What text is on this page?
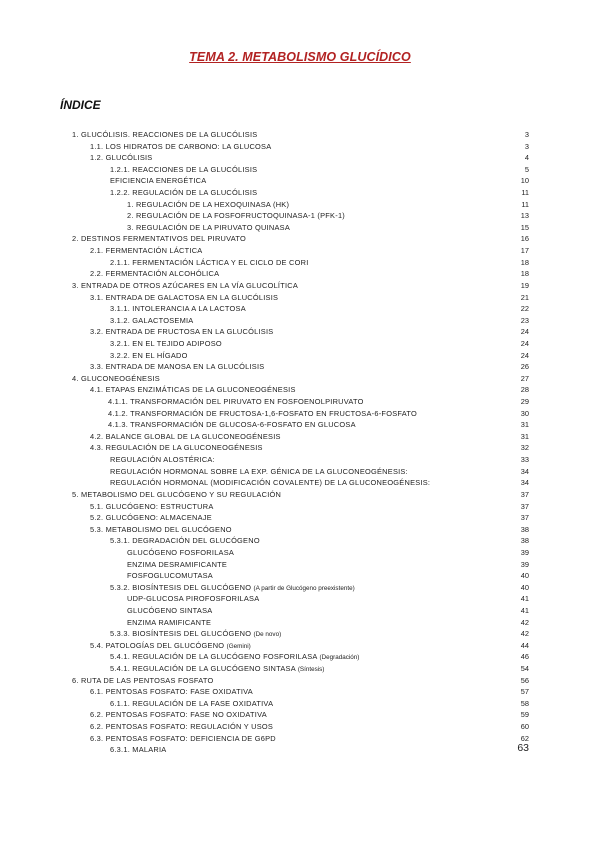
TEMA 2. METABOLISMO GLUCÍDICO
ÍNDICE
1. GLUCÓLISIS. REACCIONES DE LA GLUCÓLISIS	3
1.1. LOS HIDRATOS DE CARBONO: LA GLUCOSA	3
1.2. GLUCÓLISIS	4
1.2.1. REACCIONES DE LA GLUCÓLISIS	5
EFICIENCIA ENERGÉTICA	10
1.2.2. REGULACIÓN DE LA GLUCÓLISIS	11
1. REGULACIÓN DE LA HEXOQUINASA (HK)	11
2. REGULACIÓN DE LA FOSFOFRUCTOQUINASA-1 (PFK-1)	13
3. REGULACIÓN DE LA PIRUVATO QUINASA	15
2. DESTINOS FERMENTATIVOS DEL PIRUVATO	16
2.1. FERMENTACIÓN LÁCTICA	17
2.1.1. FERMENTACIÓN LÁCTICA Y EL CICLO DE CORI	18
2.2. FERMENTACIÓN ALCOHÓLICA	18
3. ENTRADA DE OTROS AZÚCARES EN LA VÍA GLUCOLÍTICA	19
3.1. ENTRADA DE GALACTOSA EN LA GLUCÓLISIS	21
3.1.1. INTOLERANCIA A LA LACTOSA	22
3.1.2. GALACTOSEMIA	23
3.2. ENTRADA DE FRUCTOSA EN LA GLUCÓLISIS	24
3.2.1. EN EL TEJIDO ADIPOSO	24
3.2.2. EN EL HÍGADO	24
3.3. ENTRADA DE MANOSA EN LA GLUCÓLISIS	26
4. GLUCONEOGÉNESIS	27
4.1. ETAPAS ENZIMÁTICAS DE LA GLUCONEOGÉNESIS	28
4.1.1. TRANSFORMACIÓN DEL PIRUVATO EN FOSFOENOLPIRUVATO	29
4.1.2. TRANSFORMACIÓN DE FRUCTOSA-1,6-FOSFATO EN FRUCTOSA-6-FOSFATO	30
4.1.3. TRANSFORMACIÓN DE GLUCOSA-6-FOSFATO EN GLUCOSA	31
4.2. BALANCE GLOBAL DE LA GLUCONEOGÉNESIS	31
4.3. REGULACIÓN DE LA GLUCONEOGÉNESIS	32
REGULACIÓN ALOSTÉRICA:	33
REGULACIÓN HORMONAL SOBRE LA EXP. GÉNICA DE LA GLUCONEOGÉNESIS:	34
REGULACIÓN HORMONAL (MODIFICACIÓN COVALENTE) DE LA GLUCONEOGÉNESIS:	34
5. METABOLISMO DEL GLUCÓGENO Y SU REGULACIÓN	37
5.1. GLUCÓGENO: ESTRUCTURA	37
5.2. GLUCÓGENO: ALMACENAJE	37
5.3. METABOLISMO DEL GLUCÓGENO	38
5.3.1. DEGRADACIÓN DEL GLUCÓGENO	38
GLUCÓGENO FOSFORILASA	39
ENZIMA DESRAMIFICANTE	39
FOSFOGLUCOMUTASA	40
5.3.2. BIOSÍNTESIS DEL GLUCÓGENO (A partir de Glucógeno preexistente)	40
UDP-GLUCOSA PIROFOSFORILASA	41
GLUCÓGENO SINTASA	41
ENZIMA RAMIFICANTE	42
5.3.3. BIOSÍNTESIS DEL GLUCÓGENO (De novo)	42
5.4. PATOLOGÍAS DEL GLUCÓGENO (Gemini)	44
5.4.1. REGULACIÓN DE LA GLUCÓGENO FOSFORILASA (Degradación)	46
5.4.1. REGULACIÓN DE LA GLUCÓGENO SINTASA (Síntesis)	54
6. RUTA DE LAS PENTOSAS FOSFATO	56
6.1. PENTOSAS FOSFATO: FASE OXIDATIVA	57
6.1.1. REGULACIÓN DE LA FASE OXIDATIVA	58
6.2. PENTOSAS FOSFATO: FASE NO OXIDATIVA	59
6.2. PENTOSAS FOSFATO: REGULACIÓN Y USOS	60
6.3. PENTOSAS FOSFATO: DEFICIENCIA DE G6PD	62
6.3.1. MALARIA	63
